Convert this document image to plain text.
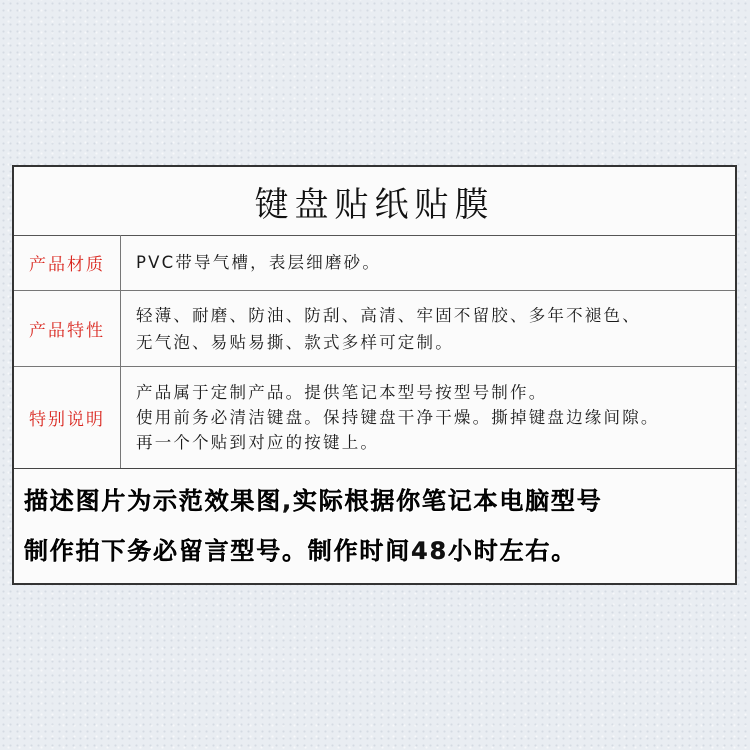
键盘贴纸贴膜
产品材质	PVC带导气槽，表层细磨砂。
产品特性
轻薄、耐磨、防油、防刮、高清、牢固不留胶、多年不褪色、
无气泡、易贴易撕、款式多样可定制。
特别说明
产品属于定制产品。提供笔记本型号按型号制作。
使用前务必清洁键盘。保持键盘干净干燥。撕掉键盘边缘间隙。
再一个个贴到对应的按键上。
描述图片为示范效果图,实际根据你笔记本电脑型号
制作拍下务必留言型号。制作时间48小时左右。
